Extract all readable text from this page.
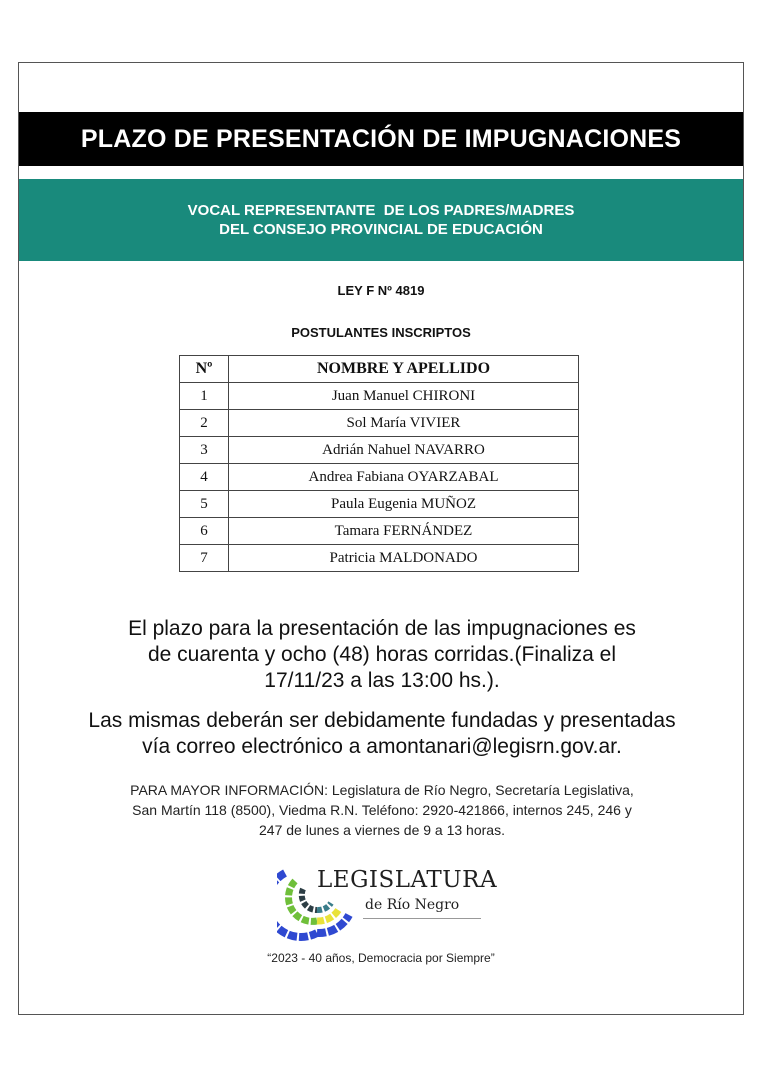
PLAZO DE PRESENTACIÓN DE IMPUGNACIONES
VOCAL REPRESENTANTE  DE LOS PADRES/MADRES
DEL CONSEJO PROVINCIAL DE EDUCACIÓN
LEY F Nº 4819
POSTULANTES INSCRIPTOS
Nº	NOMBRE Y APELLIDO
1	Juan Manuel CHIRONI
2	Sol María VIVIER
3	Adrián Nahuel NAVARRO
4	Andrea Fabiana OYARZABAL
5	Paula Eugenia MUÑOZ
6	Tamara FERNÁNDEZ
7	Patricia MALDONADO
El plazo para la presentación de las impugnaciones es
de cuarenta y ocho (48) horas corridas.(Finaliza el
17/11/23 a las 13:00 hs.).
Las mismas deberán ser debidamente fundadas y presentadas
vía correo electrónico a amontanari@legisrn.gov.ar.
PARA MAYOR INFORMACIÓN: Legislatura de Río Negro, Secretaría Legislativa,
San Martín 118 (8500), Viedma R.N. Teléfono: 2920-421866, internos 245, 246 y
247 de lunes a viernes de 9 a 13 horas.
LEGISLATURA
de Río Negro
“2023 - 40 años, Democracia por Siempre”
